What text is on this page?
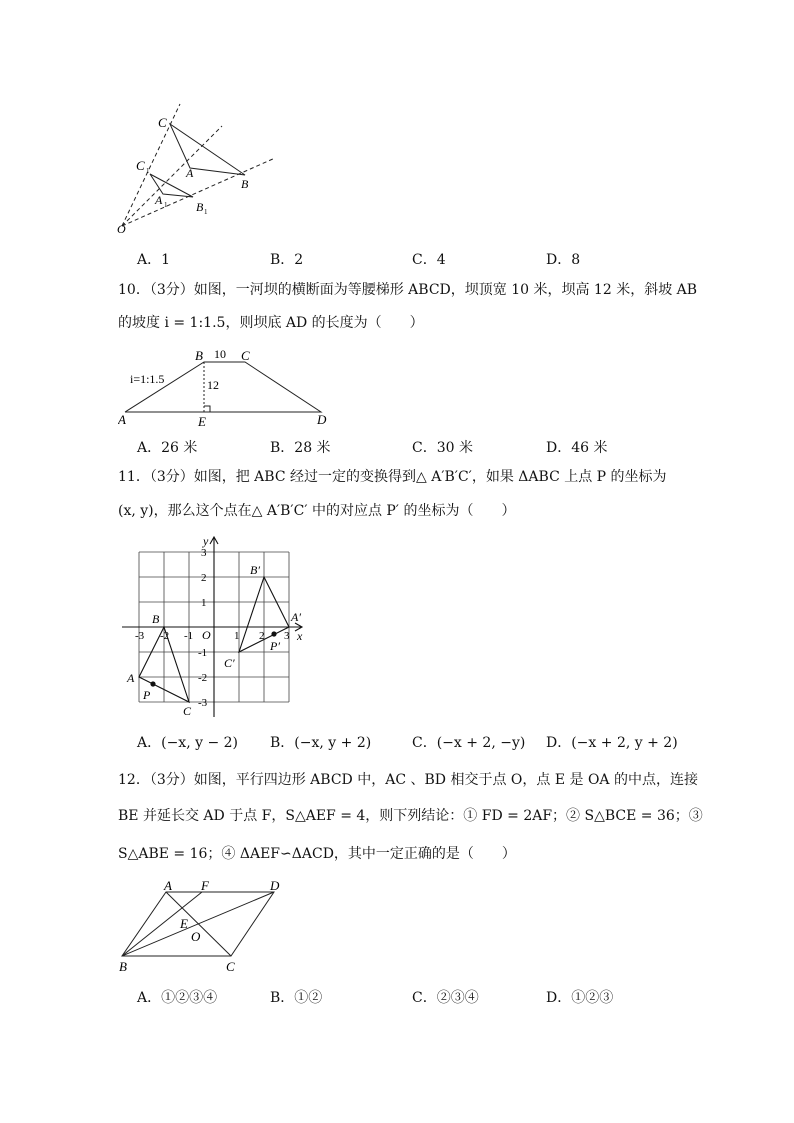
C
A
B
C 1
A 1 B 1
O
A．1	B．2	C．4	D．8
10．（3分）如图，一河坝的横断面为等腰梯形 ABCD，坝顶宽 10 米，坝高 12 米，斜坡 AB
的坡度 i = 1:1.5，则坝底 AD 的长度为（　　）
B 10 C
12
i=1:1.5
A	E	D
A．26 米	B．28 米	C．30 米	D．46 米
11．（3分）如图，把 ABC 经过一定的变换得到△ A′B′C′，如果 ΔABC 上点 P 的坐标为
(x, y)，那么这个点在△ A′B′C′ 中的对应点 P′ 的坐标为（　　）
y
x
O
-3 -2 -1	1 2 3
3
2
1
-1
-2
-3
B
A
C
P
B′
A′
C′
P′
A．(−x, y − 2) B．(−x, y + 2)	C．(−x + 2, −y) D．(−x + 2, y + 2)
12．（3分）如图，平行四边形 ABCD 中，AC 、BD 相交于点 O，点 E 是 OA 的中点，连接
BE 并延长交 AD 于点 F，S△AEF = 4，则下列结论：① FD = 2AF；② S△BCE = 36；③
S△ABE = 16；④ ΔAEF∽ΔACD，其中一定正确的是（　　）
A F	D
E
O
B	C
A．①②③④	B．①②	C．②③④	D．①②③
